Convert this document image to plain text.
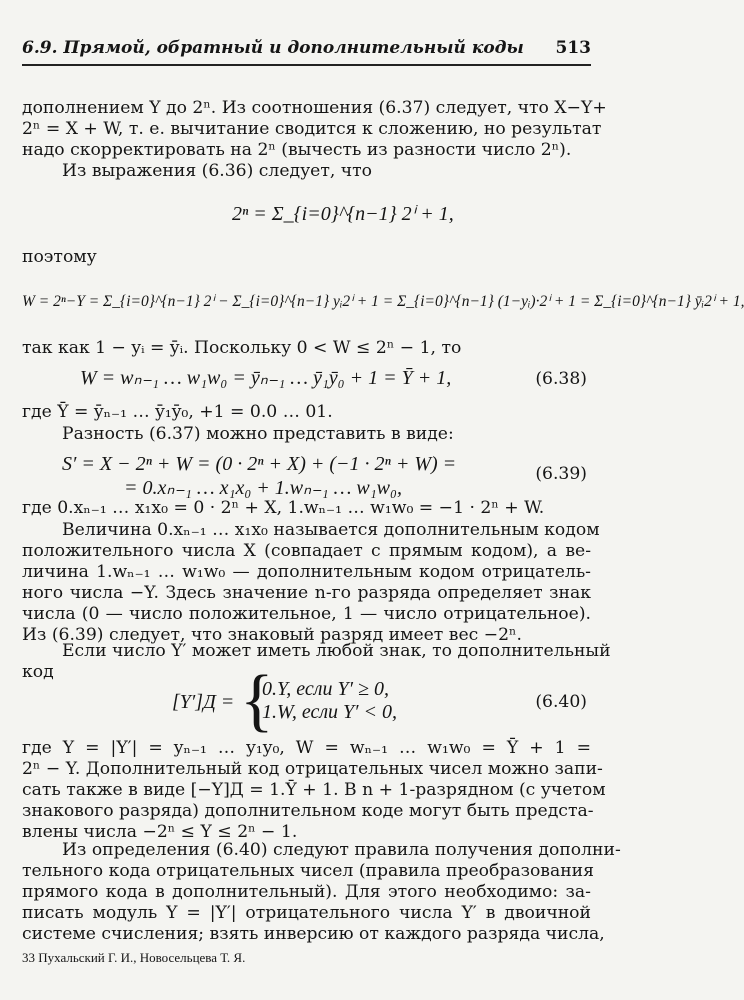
6.9. Прямой, обратный и дополнительный коды 513
дополнением Y до 2ⁿ. Из соотношения (6.37) следует, что X−Y+
2ⁿ = X + W, т. е. вычитание сводится к сложению, но результат
надо скорректировать на 2ⁿ (вычесть из разности число 2ⁿ).
Из выражения (6.36) следует, что
2ⁿ = Σ_{i=0}^{n−1} 2ⁱ + 1,
поэтому
W = 2ⁿ−Y = Σ_{i=0}^{n−1} 2ⁱ − Σ_{i=0}^{n−1} yᵢ2ⁱ + 1 = Σ_{i=0}^{n−1} (1−yᵢ)·2ⁱ + 1 = Σ_{i=0}^{n−1} ȳᵢ2ⁱ + 1,
так как 1 − yᵢ = ȳᵢ. Поскольку 0 < W ≤ 2ⁿ − 1, то
W = wₙ₋₁ … w₁w₀ = ȳₙ₋₁ … ȳ₁ȳ₀ + 1 = Ȳ + 1,	(6.38)
где Ȳ = ȳₙ₋₁ … ȳ₁ȳ₀, +1 = 0.0 … 01.
Разность (6.37) можно представить в виде:
S′ = X − 2ⁿ + W = (0 · 2ⁿ + X) + (−1 · 2ⁿ + W) =
= 0.xₙ₋₁ … x₁x₀ + 1.wₙ₋₁ … w₁w₀,
(6.39)
где 0.xₙ₋₁ … x₁x₀ = 0 · 2ⁿ + X, 1.wₙ₋₁ … w₁w₀ = −1 · 2ⁿ + W.
Величина 0.xₙ₋₁ … x₁x₀ называется дополнительным кодом
положительного числа X (совпадает с прямым кодом), а ве-
личина 1.wₙ₋₁ … w₁w₀ — дополнительным кодом отрицатель-
ного числа −Y. Здесь значение n-го разряда определяет знак
числа (0 — число положительное, 1 — число отрицательное).
Из (6.39) следует, что знаковый разряд имеет вес −2ⁿ.
Если число Y′ может иметь любой знак, то дополнительный
код
[Y′]Д = {
0.Y, если Y′ ≥ 0,
1.W, если Y′ < 0,	(6.40)
где Y = |Y′| = yₙ₋₁ … y₁y₀, W = wₙ₋₁ … w₁w₀ = Ȳ + 1 =
2ⁿ − Y. Дополнительный код отрицательных чисел можно запи-
сать также в виде [−Y]Д = 1.Ȳ + 1. В n + 1-разрядном (с учетом
знакового разряда) дополнительном коде могут быть предста-
влены числа −2ⁿ ≤ Y ≤ 2ⁿ − 1.
Из определения (6.40) следуют правила получения дополни-
тельного кода отрицательных чисел (правила преобразования
прямого кода в дополнительный). Для этого необходимо: за-
писать модуль Y = |Y′| отрицательного числа Y′ в двоичной
системе счисления; взять инверсию от каждого разряда числа,
33 Пухальский Г. И., Новосельцева Т. Я.
